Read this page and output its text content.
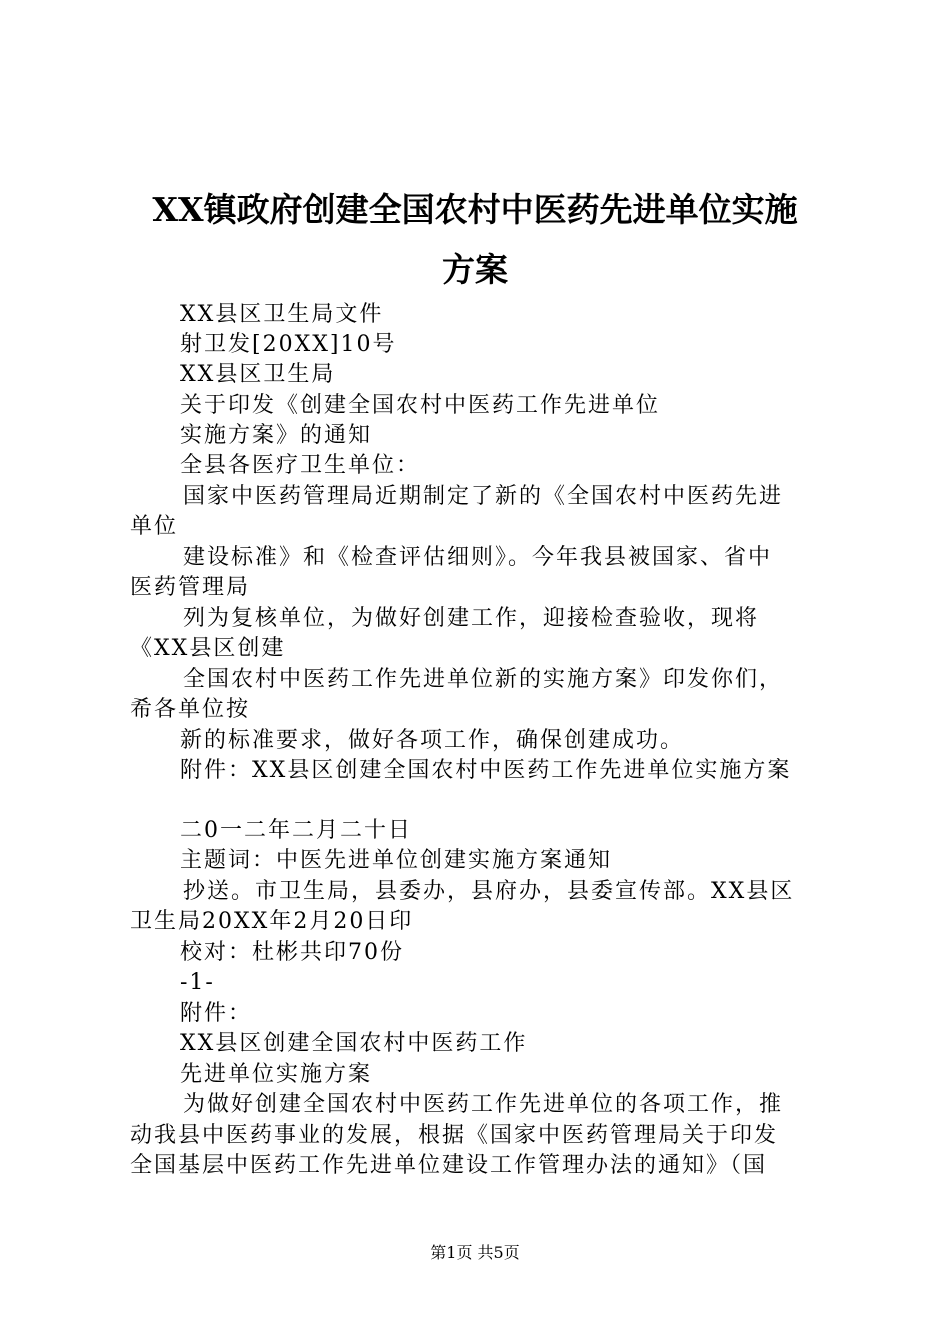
XX镇政府创建全国农村中医药先进单位实施
方案
XX县区卫生局文件
射卫发[20XX]10号
XX县区卫生局
关于印发《创建全国农村中医药工作先进单位
实施方案》的通知
全县各医疗卫生单位：
国家中医药管理局近期制定了新的《全国农村中医药先进
单位
建设标准》和《检查评估细则》。今年我县被国家、省中
医药管理局
列为复核单位，为做好创建工作，迎接检查验收，现将
《XX县区创建
全国农村中医药工作先进单位新的实施方案》印发你们，
希各单位按
新的标准要求，做好各项工作，确保创建成功。
附件：XX县区创建全国农村中医药工作先进单位实施方案
二0一二年二月二十日
主题词：中医先进单位创建实施方案通知
抄送。市卫生局，县委办，县府办，县委宣传部。XX县区
卫生局20XX年2月20日印
校对：杜彬共印70份
-1-
附件：
XX县区创建全国农村中医药工作
先进单位实施方案
为做好创建全国农村中医药工作先进单位的各项工作，推
动我县中医药事业的发展，根据《国家中医药管理局关于印发
全国基层中医药工作先进单位建设工作管理办法的通知》（国
第1页 共5页
